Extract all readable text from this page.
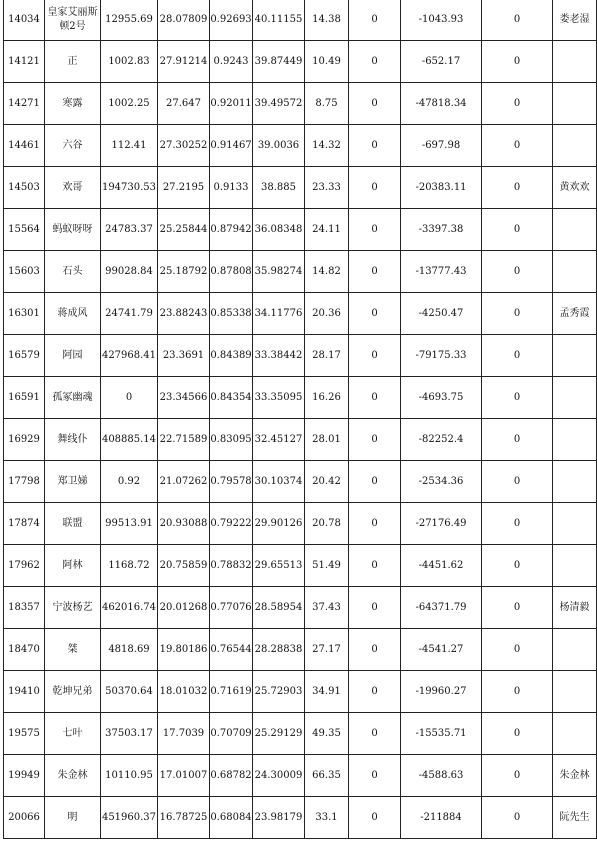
14034	皇家艾丽斯顿2号	12955.69	28.07809	0.92693	40.11155	14.38	0	-1043.93	0	娄老湿
14121	正	1002.83	27.91214	0.9243	39.87449	10.49	0	-652.17	0	
14271	寒露	1002.25	27.647	0.92011	39.49572	8.75	0	-47818.34	0	
14461	六谷	112.41	27.30252	0.91467	39.0036	14.32	0	-697.98	0	
14503	欢哥	194730.53	27.2195	0.9133	38.885	23.33	0	-20383.11	0	黄欢欢
15564	蚂蚁呀呀	24783.37	25.25844	0.87942	36.08348	24.11	0	-3397.38	0	
15603	石头	99028.84	25.18792	0.87808	35.98274	14.82	0	-13777.43	0	
16301	蒋成风	24741.79	23.88243	0.85338	34.11776	20.36	0	-4250.47	0	孟秀霞
16579	阿园	427968.41	23.3691	0.84389	33.38442	28.17	0	-79175.33	0	
16591	孤冢幽魂	0	23.34566	0.84354	33.35095	16.26	0	-4693.75	0	
16929	舞线仆	408885.14	22.71589	0.83095	32.45127	28.01	0	-82252.4	0	
17798	郑卫娣	0.92	21.07262	0.79578	30.10374	20.42	0	-2534.36	0	
17874	联盟	99513.91	20.93088	0.79222	29.90126	20.78	0	-27176.49	0	
17962	阿林	1168.72	20.75859	0.78832	29.65513	51.49	0	-4451.62	0	
18357	宁波杨艺	462016.74	20.01268	0.77076	28.58954	37.43	0	-64371.79	0	杨清毅
18470	桀	4818.69	19.80186	0.76544	28.28838	27.17	0	-4541.27	0	
19410	乾坤兄弟	50370.64	18.01032	0.71619	25.72903	34.91	0	-19960.27	0	
19575	七叶	37503.17	17.7039	0.70709	25.29129	49.35	0	-15535.71	0	
19949	朱金林	10110.95	17.01007	0.68782	24.30009	66.35	0	-4588.63	0	朱金林
20066	明	451960.37	16.78725	0.68084	23.98179	33.1	0	-211884	0	阮先生
